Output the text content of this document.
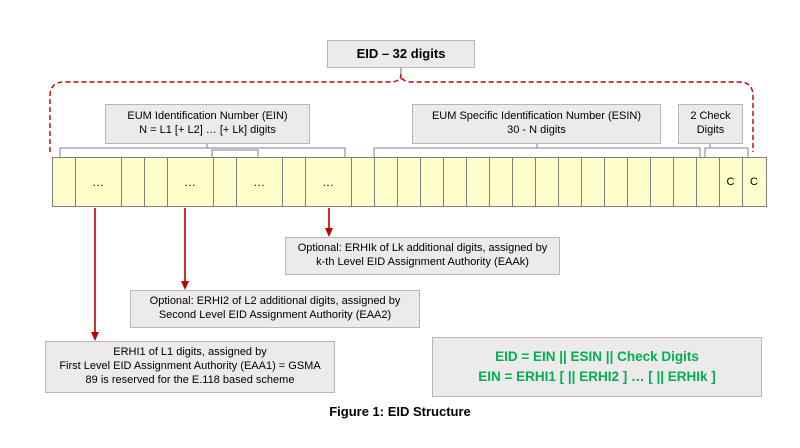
EID – 32 digits
EUM Identification Number (EIN)
N = L1 [+ L2] … [+ Lk] digits
EUM Specific Identification Number (ESIN)
30 - N digits
2 Check
Digits
…	…	…	…	C	C
Optional: ERHIk of Lk additional digits, assigned by
k-th Level EID Assignment Authority (EAAk)
Optional: ERHI2 of L2 additional digits, assigned by
Second Level EID Assignment Authority (EAA2)
ERHI1 of L1 digits, assigned by
First Level EID Assignment Authority (EAA1) = GSMA
89 is reserved for the E.118 based scheme
EID = EIN || ESIN || Check Digits
EIN = ERHI1 [ || ERHI2 ] … [ || ERHIk ]
Figure 1: EID Structure
